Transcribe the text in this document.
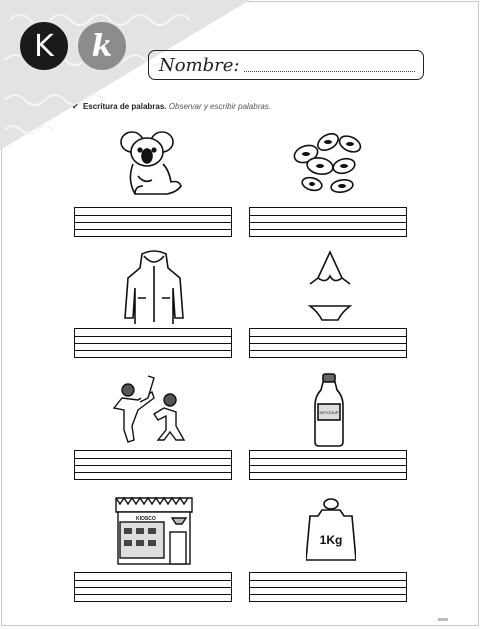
K k
Nombre:
✔ Escritura de palabras. Observar y escribir palabras.
KETCHUP
KIOSCO
1Kg
